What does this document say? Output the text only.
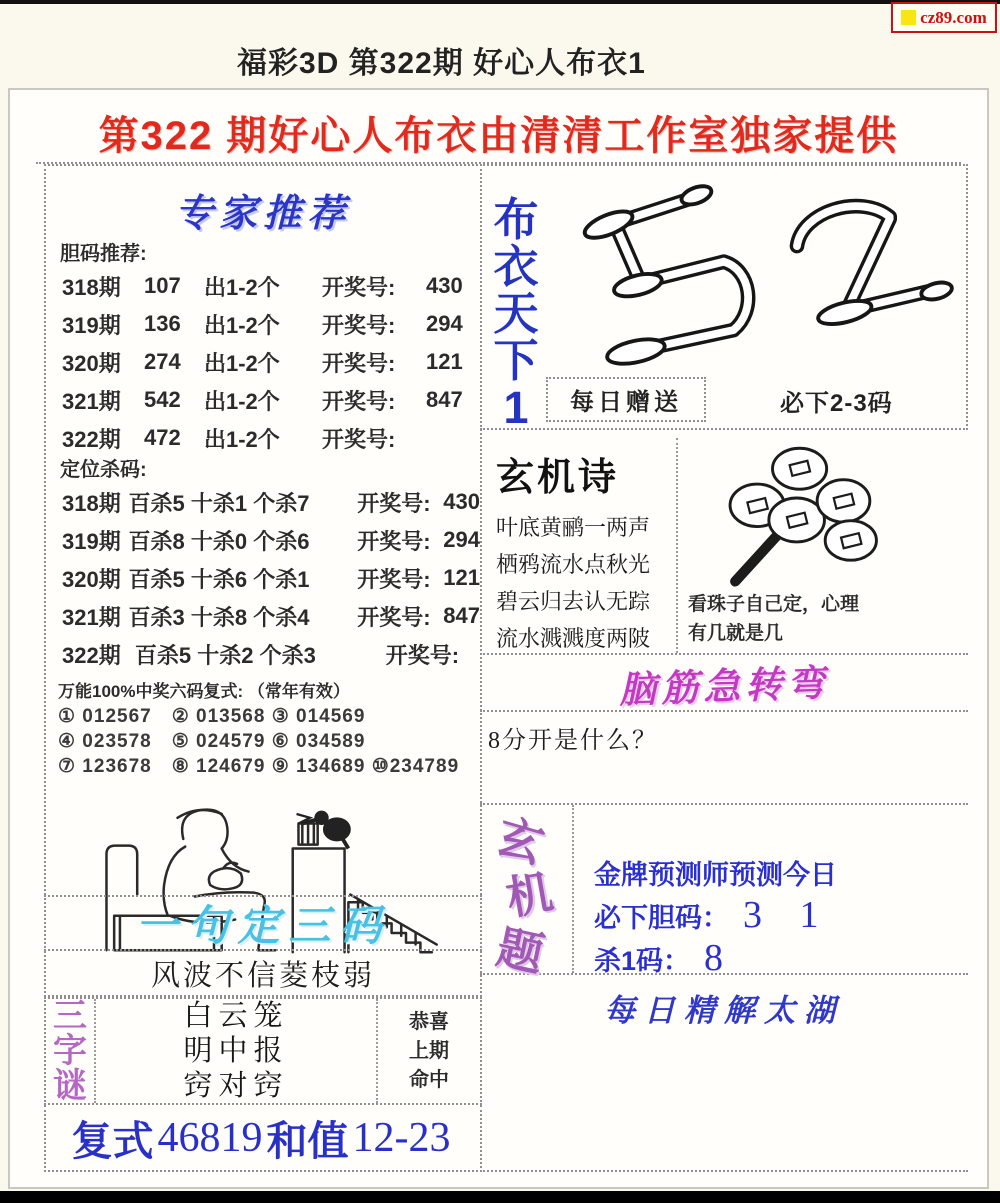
cz89.com
福彩3D 第322期 好心人布衣1
第322 期好心人布衣由清清工作室独家提供
专家推荐
胆码推荐:
318期	107	出1-2个	开奖号:	430
319期	136	出1-2个	开奖号:	294
320期	274	出1-2个	开奖号:	121
321期	542	出1-2个	开奖号:	847
322期	472	出1-2个	开奖号:
定位杀码:
318期 百杀5 十杀1 个杀7	开奖号: 430
319期 百杀8 十杀0 个杀6	开奖号: 294
320期 百杀5 十杀6 个杀1	开奖号: 121
321期 百杀3 十杀8 个杀4	开奖号: 847
322期 百杀5 十杀2 个杀3	开奖号:
万能100%中奖六码复式: （常年有效）
① 012567　② 013568 ③ 014569
④ 023578　⑤ 024579 ⑥ 034589
⑦ 123678　⑧ 124679 ⑨ 134689 ⑩234789
一句定三码
风波不信菱枝弱
三
字
谜
白云笼
明中报
窍对窍
恭喜
上期
命中
复式 46819 和值 12-23
布
衣
天
下
1	每日赠送	必下2-3码
玄机诗
叶底黄鹂一两声
栖鸦流水点秋光
碧云归去认无踪
流水溅溅度两陂
看珠子自己定，心理
有几就是几
脑筋急转弯
8分开是什么？
玄
机
题
金牌预测师预测今日
必下胆码： 3 1
杀1码： 8
每日精解太湖
